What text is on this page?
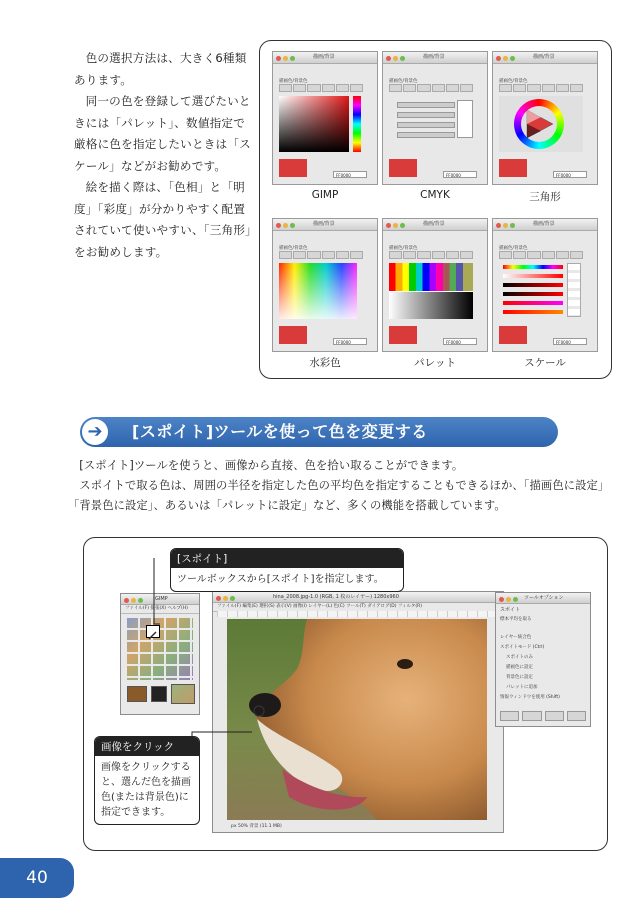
色の選択方法は、大きく6種類あります。

同一の色を登録して選びたいときには「パレット」、数値指定で厳格に色を指定したいときは「スケール」などがお勧めです。

絵を描く際は、「色相」と「明度」「彩度」が分かりやすく配置されていて使いやすい、「三角形」をお勧めします。

描画/背景
描画色/背景色
FF0000
描画/背景
描画色/背景色
FF0000
描画/背景
描画色/背景色
FF0000
GIMP	CMYK	三角形
描画/背景
描画色/背景色
FF0000
描画/背景
描画色/背景色
FF0000
描画/背景
描画色/背景色
FF0000
水彩色	パレット	スケール
➔	[スポイト]ツールを使って色を変更する

[スポイト]ツールを使うと、画像から直接、色を拾い取ることができます。

スポイトで取る色は、周囲の半径を指定した色の平均色を指定することもできるほか、「描画色に設定」「背景色に設定」、あるいは「パレットに設定」など、多くの機能を搭載しています。

GIMP
ファイル(F) 拡張(X) ヘルプ(H)
hina_2008.jpg-1.0 (RGB, 1 枚のレイヤー) 1280x960
ファイル(F) 編集(E) 選択(S) 表示(V) 画像(I) レイヤー(L) 色(C) ツール(T) ダイアログ(D) フィルタ(R)
px 50% 背景 (11.1 MB)
ツールオプション
スポイト
標本平均を取る
レイヤー統合色
スポイトモード (Ctrl)
スポイトのみ
描画色に設定
背景色に設定
パレットに追加
情報ウィンドウを使用 (Shift)
[スポイト]
ツールボックスから[スポイト]を指定します。
画像をクリック
画像をクリックすると、選んだ色を描画色(または背景色)に指定できます。
40
